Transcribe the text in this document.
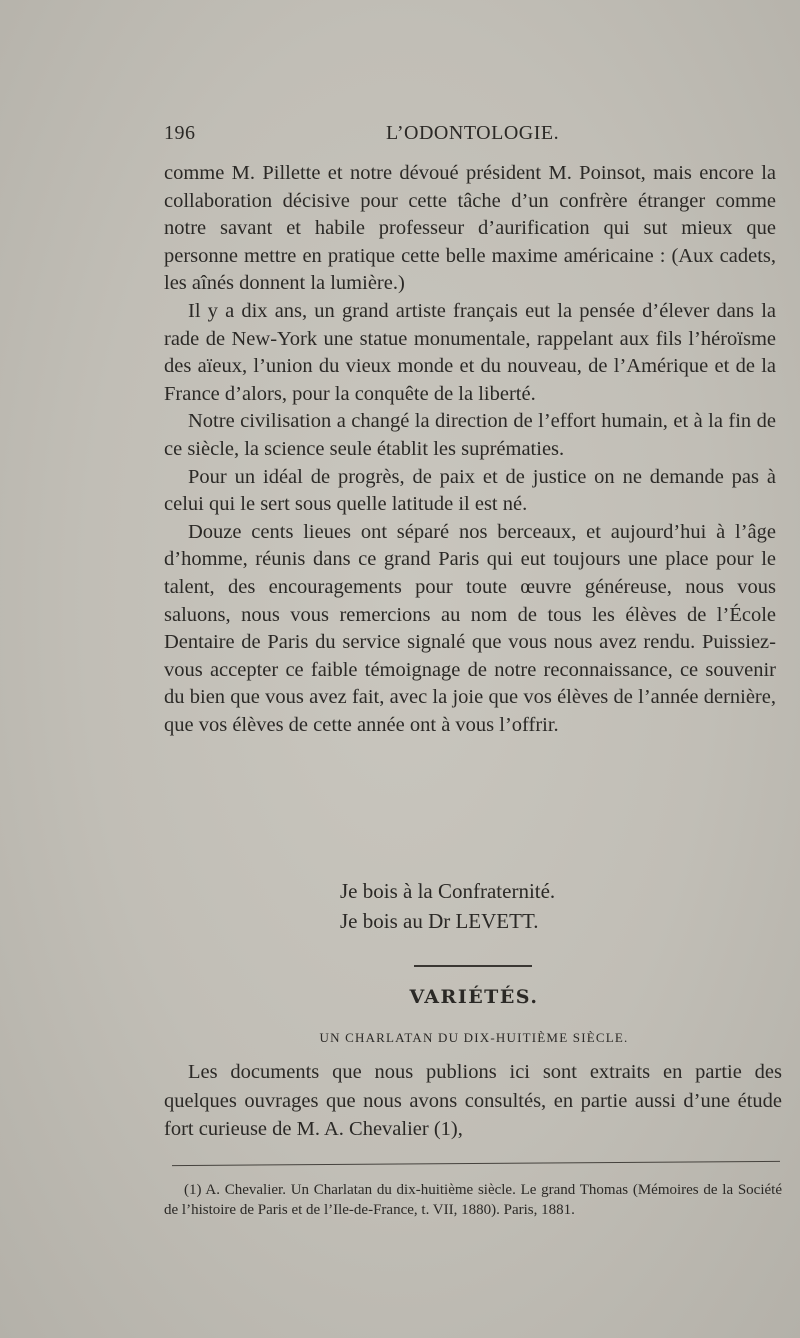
196	L’ODONTOLOGIE.

comme M. Pillette et notre dévoué président M. Poinsot, mais encore la collaboration décisive pour cette tâche d’un confrère étranger comme notre savant et habile professeur d’aurification qui sut mieux que personne mettre en pratique cette belle maxime américaine : (Aux cadets, les aînés donnent la lumière.)

Il y a dix ans, un grand artiste français eut la pensée d’élever dans la rade de New-York une statue monumentale, rappelant aux fils l’héroïsme des aïeux, l’union du vieux monde et du nouveau, de l’Amérique et de la France d’alors, pour la conquête de la liberté.

Notre civilisation a changé la direction de l’effort humain, et à la fin de ce siècle, la science seule établit les suprématies.

Pour un idéal de progrès, de paix et de justice on ne demande pas à celui qui le sert sous quelle latitude il est né.

Douze cents lieues ont séparé nos berceaux, et aujourd’hui à l’âge d’homme, réunis dans ce grand Paris qui eut toujours une place pour le talent, des encouragements pour toute œuvre généreuse, nous vous saluons, nous vous remercions au nom de tous les élèves de l’École Dentaire de Paris du service signalé que vous nous avez rendu. Puissiez-vous accepter ce faible témoignage de notre reconnaissance, ce souvenir du bien que vous avez fait, avec la joie que vos élèves de l’année dernière, que vos élèves de cette année ont à vous l’offrir.

Je bois à la Confraternité.
Je bois au Dr LEVETT.
VARIÉTÉS.
UN CHARLATAN DU DIX-HUITIÈME SIÈCLE.

Les documents que nous publions ici sont extraits en partie des quelques ouvrages que nous avons consultés, en partie aussi d’une étude fort curieuse de M. A. Chevalier (1),

(1) A. Chevalier. Un Charlatan du dix-huitième siècle. Le grand Thomas (Mémoires de la Société de l’histoire de Paris et de l’Ile-de-France, t. VII, 1880). Paris, 1881.
